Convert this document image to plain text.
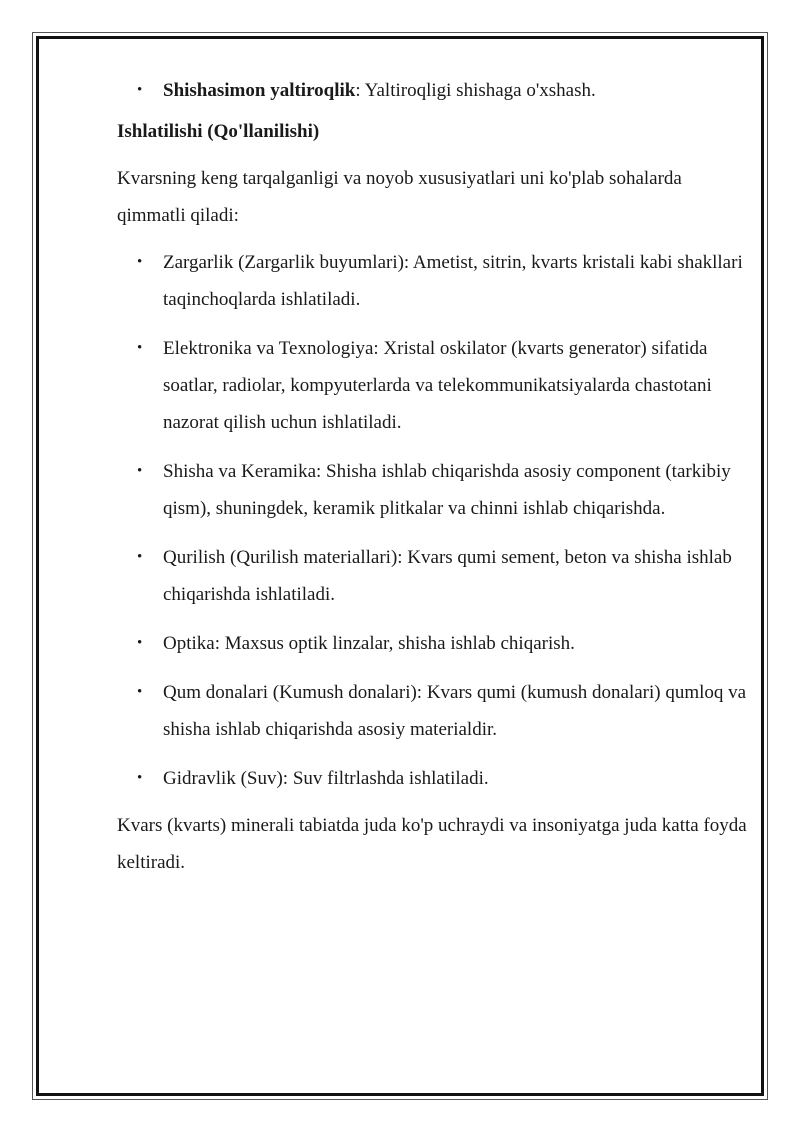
• Shishasimon yaltiroqlik: Yaltiroqligi shishaga o'xshash.

Ishlatilishi (Qo'llanilishi)

Kvarsning keng tarqalganligi va noyob xususiyatlari uni ko'plab sohalarda qimmatli qiladi:

• Zargarlik (Zargarlik buyumlari): Ametist, sitrin, kvarts kristali kabi shakllari taqinchoqlarda ishlatiladi.
• Elektronika va Texnologiya: Xristal oskilator (kvarts generator) sifatida soatlar, radiolar, kompyuterlarda va telekommunikatsiyalarda chastotani nazorat qilish uchun ishlatiladi.
• Shisha va Keramika: Shisha ishlab chiqarishda asosiy component (tarkibiy qism), shuningdek, keramik plitkalar va chinni ishlab chiqarishda.
• Qurilish (Qurilish materiallari): Kvars qumi sement, beton va shisha ishlab chiqarishda ishlatiladi.
• Optika: Maxsus optik linzalar, shisha ishlab chiqarish.
• Qum donalari (Kumush donalari): Kvars qumi (kumush donalari) qumloq va shisha ishlab chiqarishda asosiy materialdir.
• Gidravlik (Suv): Suv filtrlashda ishlatiladi.

Kvars (kvarts) minerali tabiatda juda ko'p uchraydi va insoniyatga juda katta foyda keltiradi.
